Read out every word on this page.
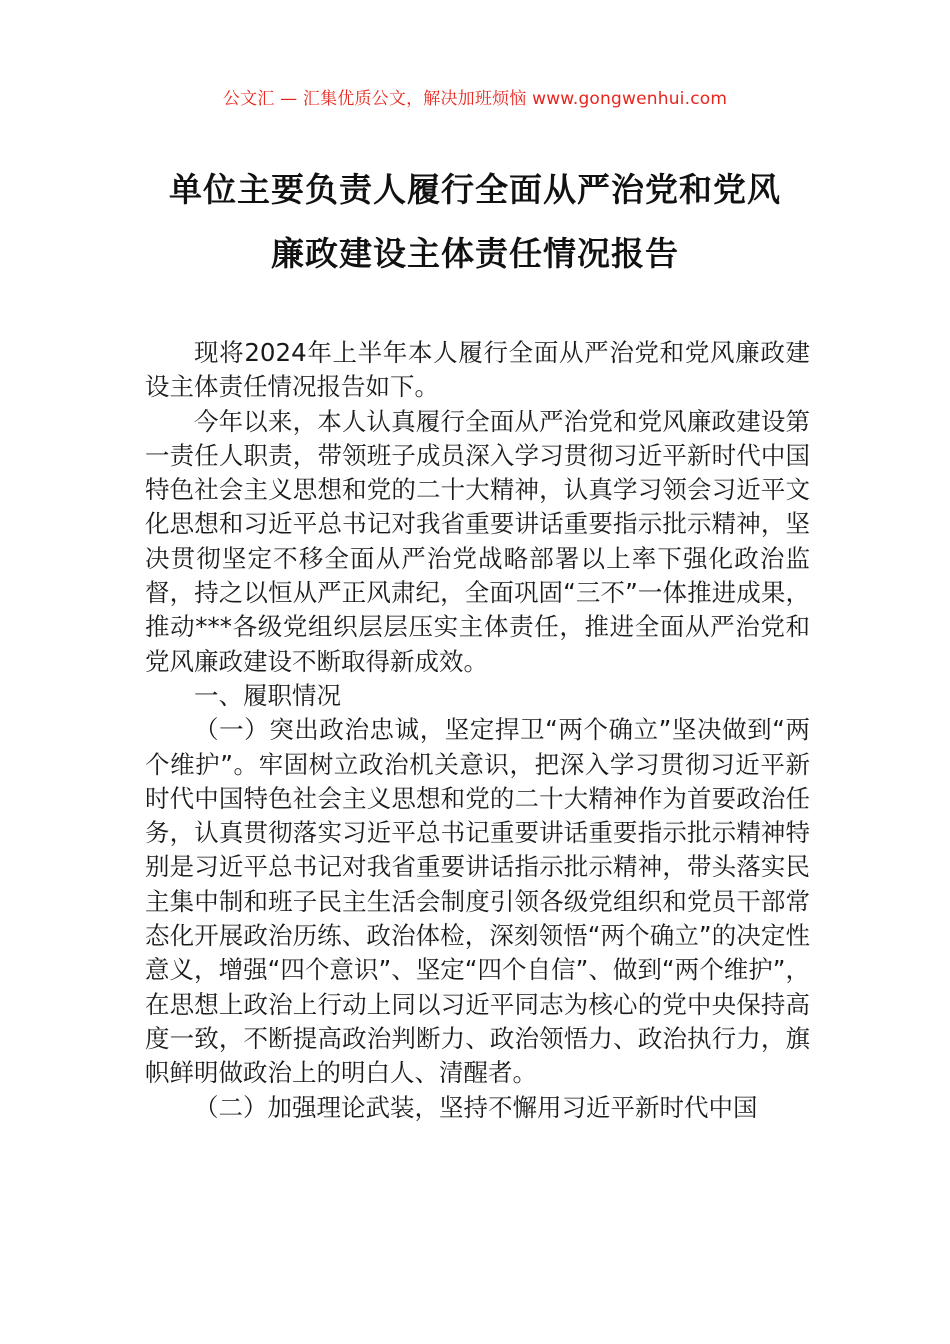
公文汇 — 汇集优质公文，解决加班烦恼 www.gongwenhui.com
单位主要负责人履行全面从严治党和党风
廉政建设主体责任情况报告

现将2024年上半年本人履行全面从严治党和党风廉政建设主体责任情况报告如下。

今年以来，本人认真履行全面从严治党和党风廉政建设第一责任人职责，带领班子成员深入学习贯彻习近平新时代中国特色社会主义思想和党的二十大精神，认真学习领会习近平文化思想和习近平总书记对我省重要讲话重要指示批示精神，坚决贯彻坚定不移全面从严治党战略部署以上率下强化政治监督，持之以恒从严正风肃纪，全面巩固“三不”一体推进成果，推动***各级党组织层层压实主体责任，推进全面从严治党和党风廉政建设不断取得新成效。

一、履职情况

（一）突出政治忠诚，坚定捍卫“两个确立”坚决做到“两个维护”。牢固树立政治机关意识，把深入学习贯彻习近平新时代中国特色社会主义思想和党的二十大精神作为首要政治任务，认真贯彻落实习近平总书记重要讲话重要指示批示精神特别是习近平总书记对我省重要讲话指示批示精神，带头落实民主集中制和班子民主生活会制度引领各级党组织和党员干部常态化开展政治历练、政治体检，深刻领悟“两个确立”的决定性意义，增强“四个意识”、坚定“四个自信”、做到“两个维护”，在思想上政治上行动上同以习近平同志为核心的党中央保持高度一致，不断提高政治判断力、政治领悟力、政治执行力，旗帜鲜明做政治上的明白人、清醒者。

（二）加强理论武装，坚持不懈用习近平新时代中国
